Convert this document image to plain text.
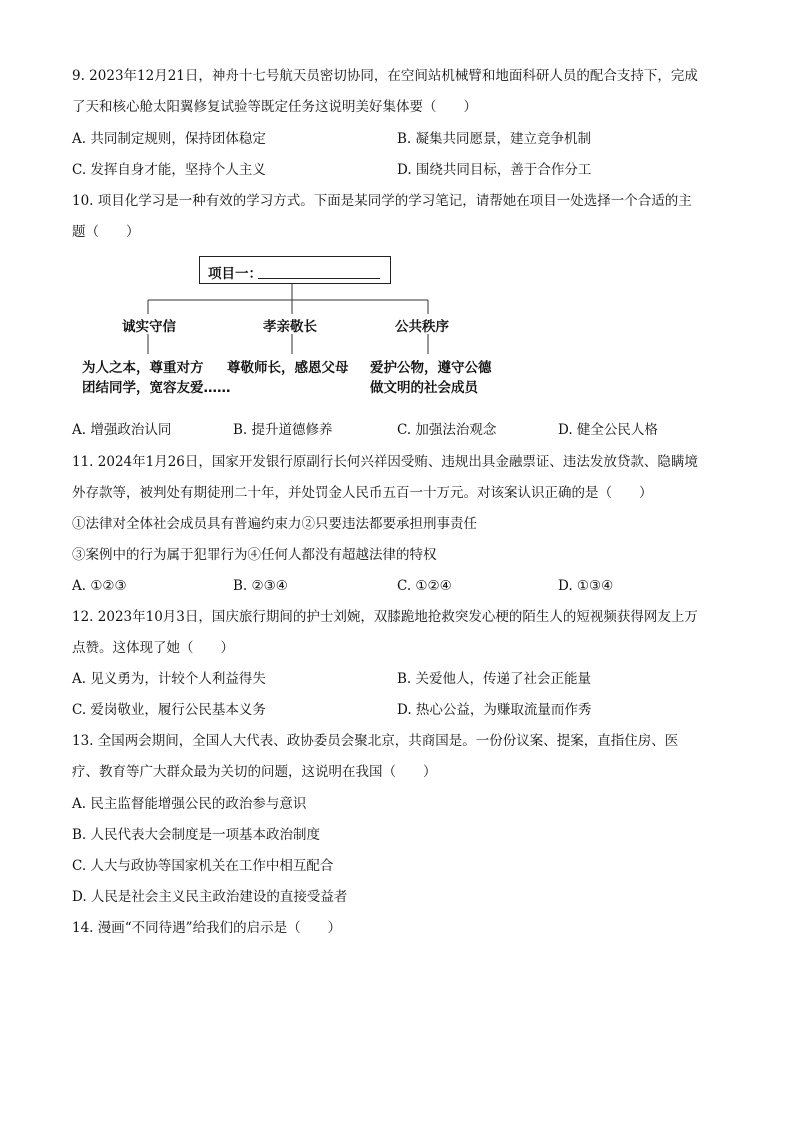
9. 2023年12月21日，神舟十七号航天员密切协同，在空间站机械臂和地面科研人员的配合支持下，完成
了天和核心舱太阳翼修复试验等既定任务这说明美好集体要（　　）
A. 共同制定规则，保持团体稳定	B. 凝集共同愿景，建立竞争机制
C. 发挥自身才能，坚持个人主义	D. 围绕共同目标，善于合作分工
10. 项目化学习是一种有效的学习方式。下面是某同学的学习笔记，请帮她在项目一处选择一个合适的主
题（　　）
项目一：
诚实守信	孝亲敬长	公共秩序
为人之本，尊重对方
团结同学，宽容友爱……
尊敬师长，感恩父母 爱护公物，遵守公德
做文明的社会成员
A. 增强政治认同	B. 提升道德修养	C. 加强法治观念	D. 健全公民人格
11. 2024年1月26日，国家开发银行原副行长何兴祥因受贿、违规出具金融票证、违法发放贷款、隐瞒境
外存款等，被判处有期徒刑二十年，并处罚金人民币五百一十万元。对该案认识正确的是（　　）
①法律对全体社会成员具有普遍约束力②只要违法都要承担刑事责任
③案例中的行为属于犯罪行为④任何人都没有超越法律的特权
A. ①②③	B. ②③④	C. ①②④	D. ①③④
12. 2023年10月3日，国庆旅行期间的护士刘婉，双膝跪地抢救突发心梗的陌生人的短视频获得网友上万
点赞。这体现了她（　　）
A. 见义勇为，计较个人利益得失	B. 关爱他人，传递了社会正能量
C. 爱岗敬业，履行公民基本义务	D. 热心公益，为赚取流量而作秀
13. 全国两会期间，全国人大代表、政协委员会聚北京，共商国是。一份份议案、提案，直指住房、医
疗、教育等广大群众最为关切的问题，这说明在我国（　　）
A. 民主监督能增强公民的政治参与意识
B. 人民代表大会制度是一项基本政治制度
C. 人大与政协等国家机关在工作中相互配合
D. 人民是社会主义民主政治建设的直接受益者
14. 漫画“不同待遇”给我们的启示是（　　）
